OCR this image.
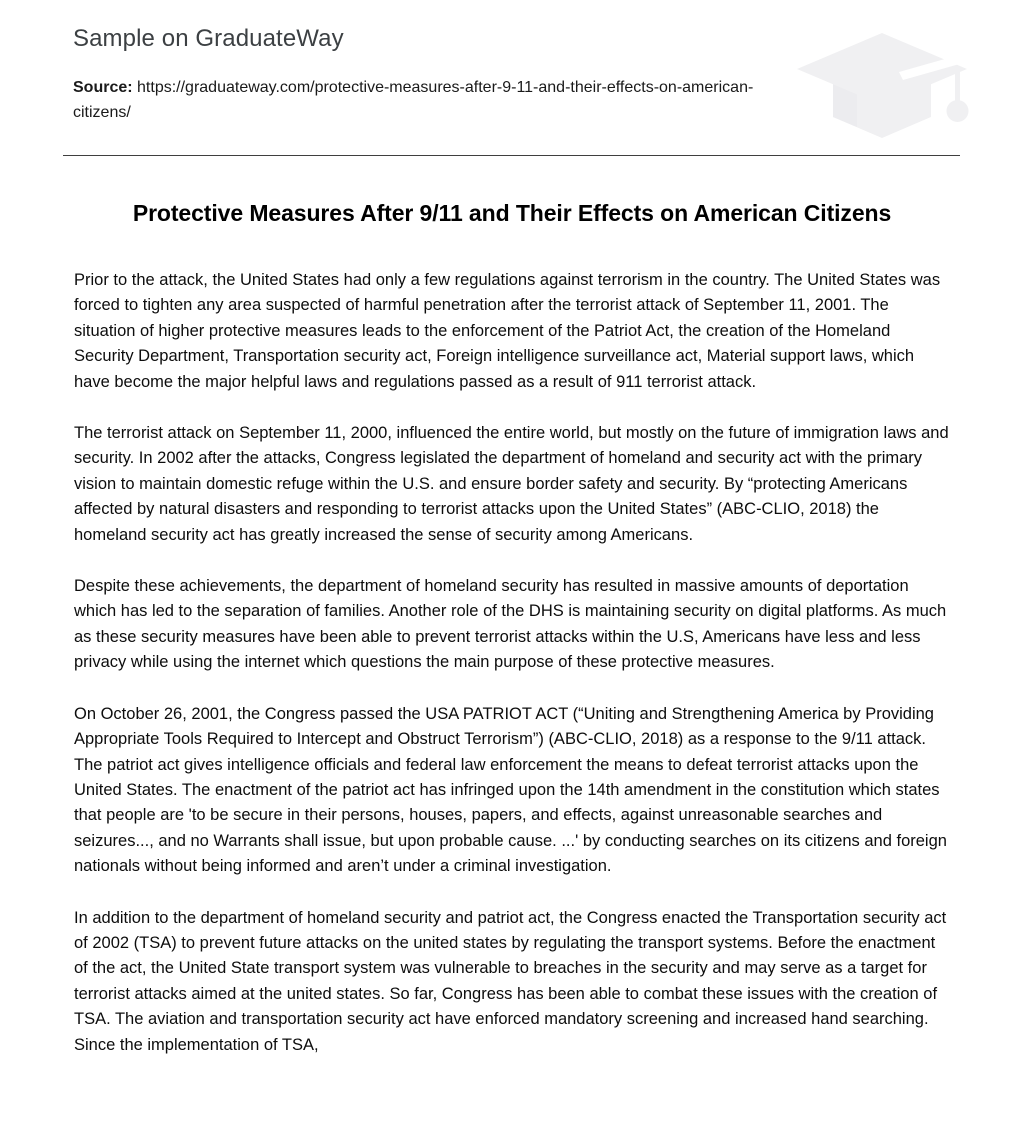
Sample on GraduateWay
Source: https://graduateway.com/protective-measures-after-9-11-and-their-effects-on-american-citizens/
Protective Measures After 9/11 and Their Effects on American Citizens

Prior to the attack, the United States had only a few regulations against terrorism in the country. The United States was forced to tighten any area suspected of harmful penetration after the terrorist attack of September 11, 2001. The situation of higher protective measures leads to the enforcement of the Patriot Act, the creation of the Homeland Security Department, Transportation security act, Foreign intelligence surveillance act, Material support laws, which have become the major helpful laws and regulations passed as a result of 911 terrorist attack.

The terrorist attack on September 11, 2000, influenced the entire world, but mostly on the future of immigration laws and security. In 2002 after the attacks, Congress legislated the department of homeland and security act with the primary vision to maintain domestic refuge within the U.S. and ensure border safety and security. By “protecting Americans affected by natural disasters and responding to terrorist attacks upon the United States” (ABC-CLIO, 2018) the homeland security act has greatly increased the sense of security among Americans.

Despite these achievements, the department of homeland security has resulted in massive amounts of deportation which has led to the separation of families. Another role of the DHS is maintaining security on digital platforms. As much as these security measures have been able to prevent terrorist attacks within the U.S, Americans have less and less privacy while using the internet which questions the main purpose of these protective measures.

On October 26, 2001, the Congress passed the USA PATRIOT ACT (“Uniting and Strengthening America by Providing Appropriate Tools Required to Intercept and Obstruct Terrorism”) (ABC-CLIO, 2018) as a response to the 9/11 attack. The patriot act gives intelligence officials and federal law enforcement the means to defeat terrorist attacks upon the United States. The enactment of the patriot act has infringed upon the 14th amendment in the constitution which states that people are 'to be secure in their persons, houses, papers, and effects, against unreasonable searches and seizures..., and no Warrants shall issue, but upon probable cause. ...' by conducting searches on its citizens and foreign nationals without being informed and aren’t under a criminal investigation.

In addition to the department of homeland security and patriot act, the Congress enacted the Transportation security act of 2002 (TSA) to prevent future attacks on the united states by regulating the transport systems. Before the enactment of the act, the United State transport system was vulnerable to breaches in the security and may serve as a target for terrorist attacks aimed at the united states. So far, Congress has been able to combat these issues with the creation of TSA. The aviation and transportation security act have enforced mandatory screening and increased hand searching. Since the implementation of TSA,
